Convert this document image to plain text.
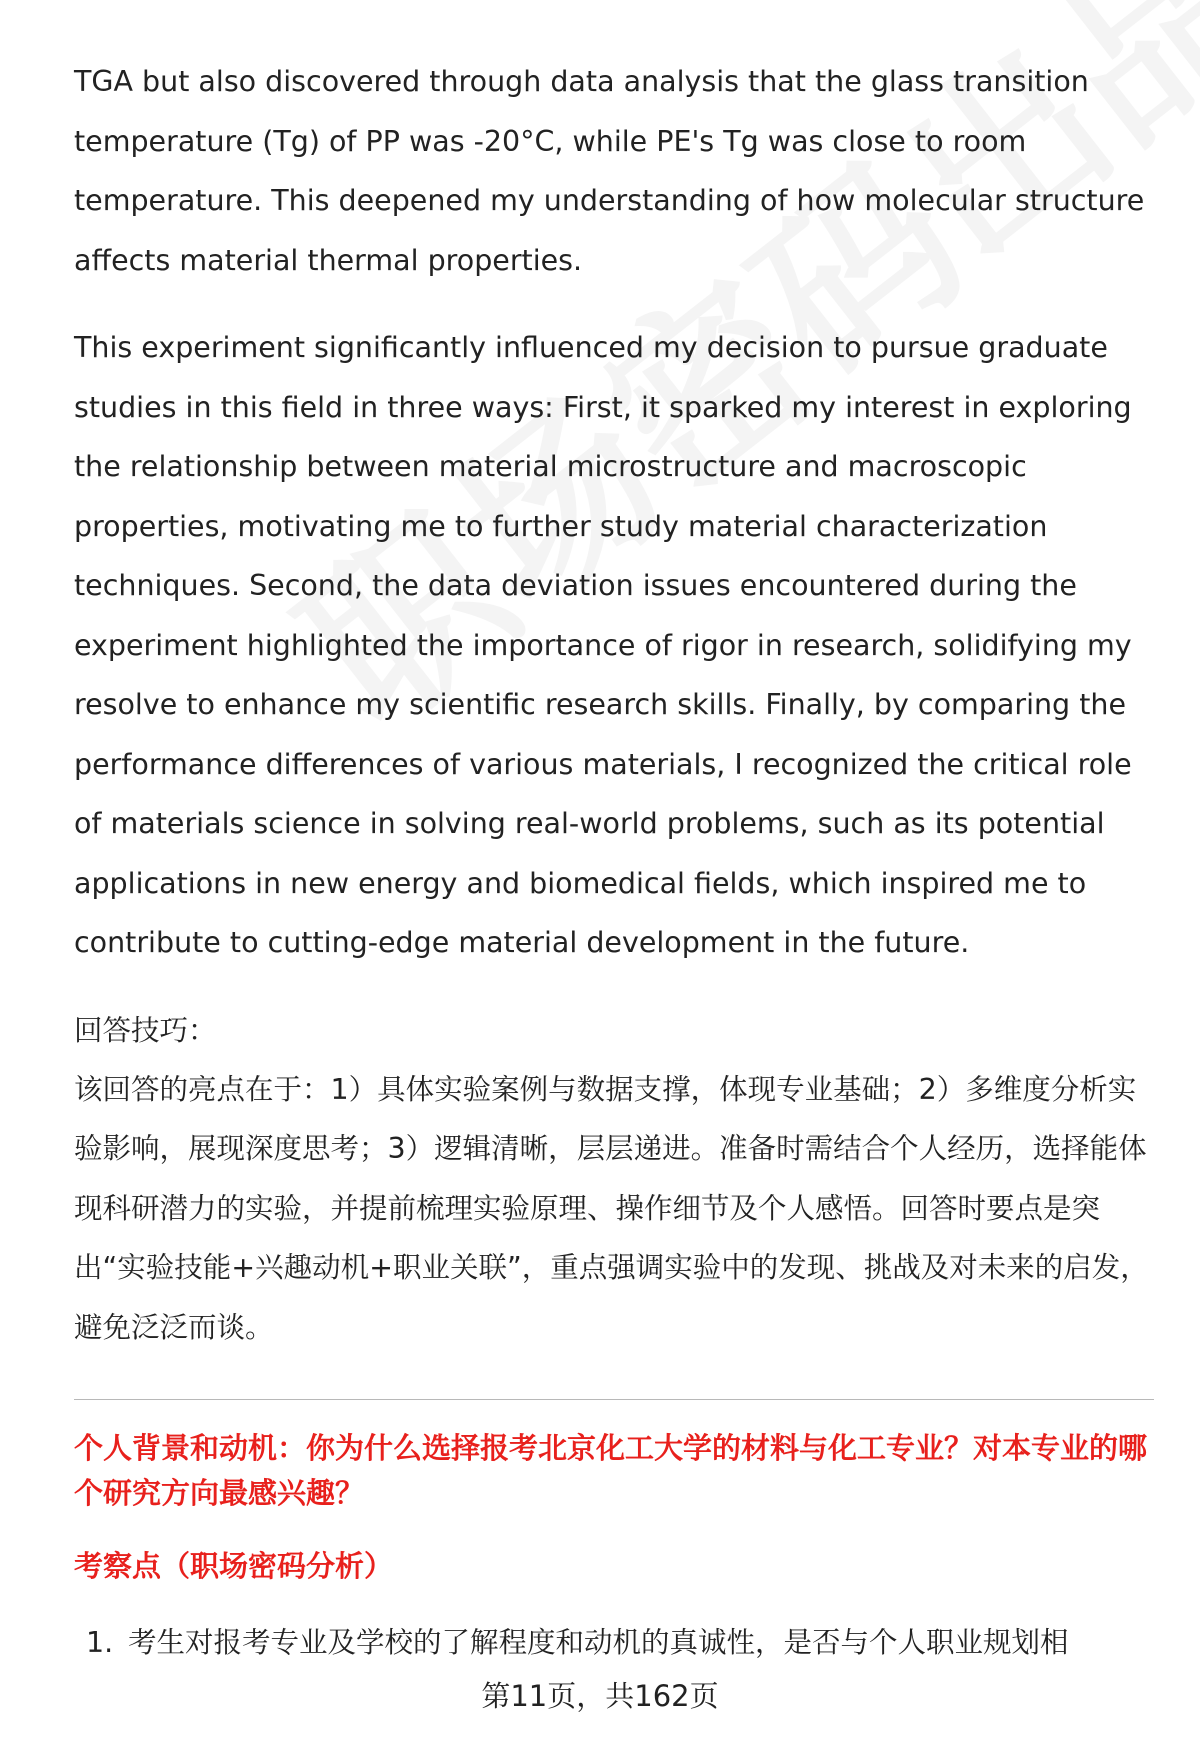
TGA but also discovered through data analysis that the glass transition temperature (Tg) of PP was -20°C, while PE's Tg was close to room temperature. This deepened my understanding of how molecular structure affects material thermal properties.

This experiment significantly influenced my decision to pursue graduate studies in this field in three ways: First, it sparked my interest in exploring the relationship between material microstructure and macroscopic properties, motivating me to further study material characterization techniques. Second, the data deviation issues encountered during the experiment highlighted the importance of rigor in research, solidifying my resolve to enhance my scientific research skills. Finally, by comparing the performance differences of various materials, I recognized the critical role of materials science in solving real-world problems, such as its potential applications in new energy and biomedical fields, which inspired me to contribute to cutting-edge material development in the future.

回答技巧：

该回答的亮点在于：1）具体实验案例与数据支撑，体现专业基础；2）多维度分析实验影响，展现深度思考；3）逻辑清晰，层层递进。准备时需结合个人经历，选择能体现科研潜力的实验，并提前梳理实验原理、操作细节及个人感悟。回答时要点是突出“实验技能+兴趣动机+职业关联”，重点强调实验中的发现、挑战及对未来的启发，避免泛泛而谈。

个人背景和动机：你为什么选择报考北京化工大学的材料与化工专业？对本专业的哪个研究方向最感兴趣？

考察点（职场密码分析）

1. 考生对报考专业及学校的了解程度和动机的真诚性，是否与个人职业规划相
第11页，共162页
